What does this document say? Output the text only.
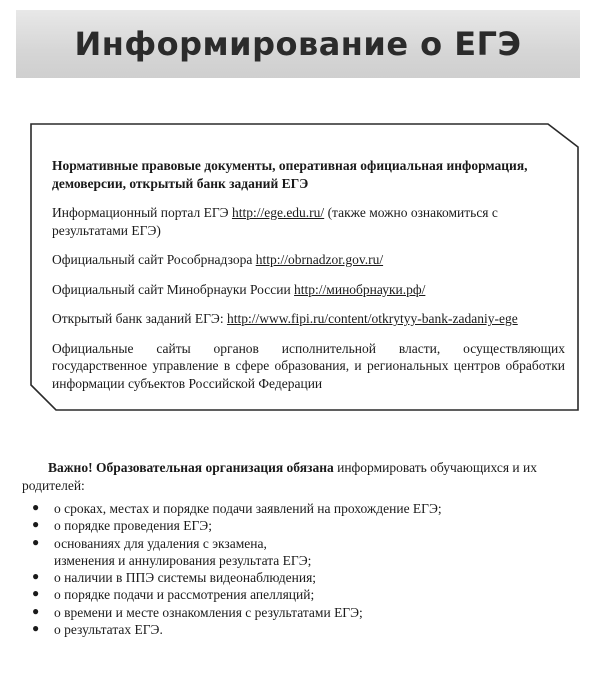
Информирование о ЕГЭ

Нормативные правовые документы, оперативная официальная информация, демоверсии, открытый банк заданий ЕГЭ

Информационный портал ЕГЭ http://ege.edu.ru/ (также можно ознакомиться с результатами ЕГЭ)

Официальный сайт Рособрнадзора http://obrnadzor.gov.ru/

Официальный сайт Минобрнауки России http://минобрнауки.рф/

Открытый банк заданий ЕГЭ: http://www.fipi.ru/content/otkrytyy-bank-zadaniy-ege

Официальные сайты органов исполнительной власти, осуществляющих государственное управление в сфере образования, и региональных центров обработки информации субъектов Российской Федерации

Важно! Образовательная организация обязана информировать обучающихся и их родителей:

● о сроках, местах и порядке подачи заявлений на прохождение ЕГЭ;
● о порядке проведения ЕГЭ;
● основаниях для удаления с экзамена,
изменения и аннулирования результата ЕГЭ;
● о наличии в ППЭ системы видеонаблюдения;
● о порядке подачи и рассмотрения апелляций;
● о времени и месте ознакомления с результатами ЕГЭ;
● о результатах ЕГЭ.
